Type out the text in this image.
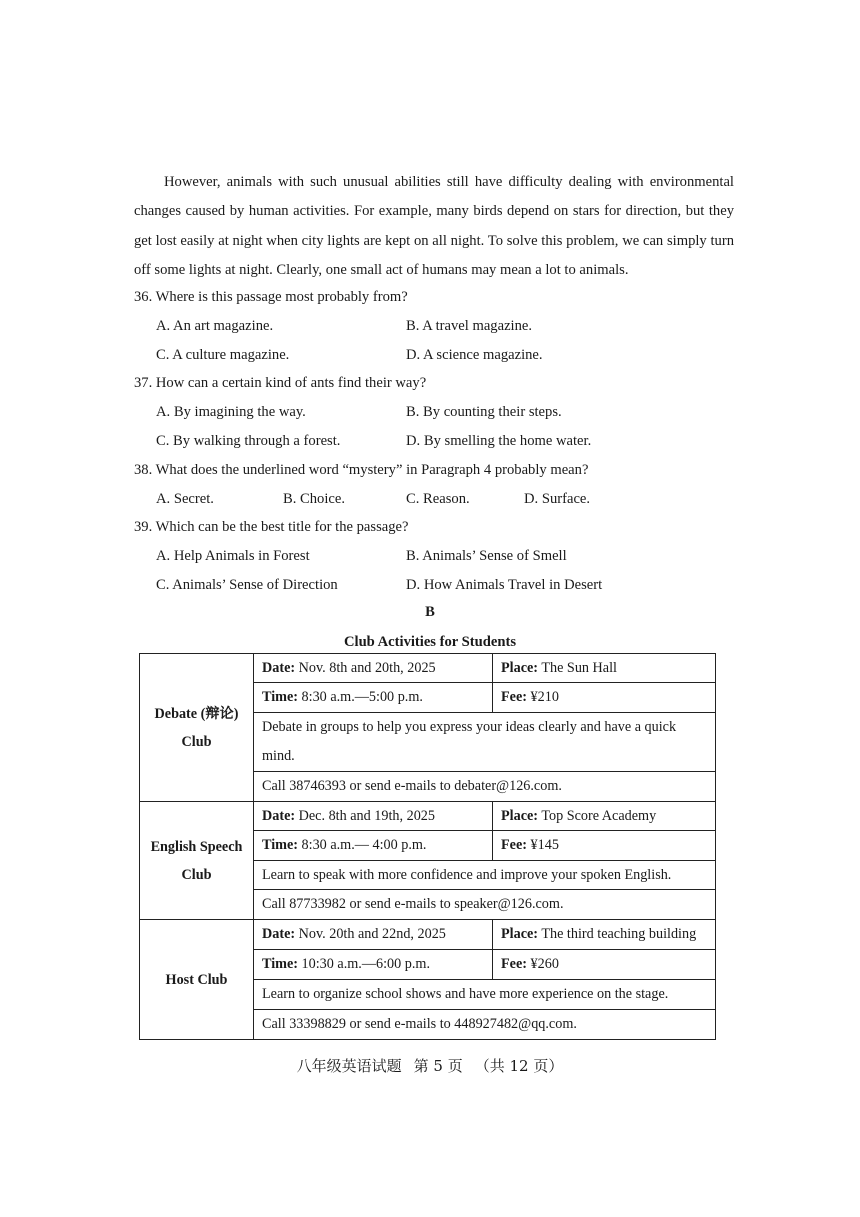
However, animals with such unusual abilities still have difficulty dealing with environmental changes caused by human activities. For example, many birds depend on stars for direction, but they get lost easily at night when city lights are kept on all night. To solve this problem, we can simply turn off some lights at night. Clearly, one small act of humans may mean a lot to animals.
36. Where is this passage most probably from?
A. An art magazine.	B. A travel magazine.
C. A culture magazine.	D. A science magazine.
37. How can a certain kind of ants find their way?
A. By imagining the way.	B. By counting their steps.
C. By walking through a forest.	D. By smelling the home water.
38. What does the underlined word “mystery” in Paragraph 4 probably mean?
A. Secret.	B. Choice.	C. Reason.	D. Surface.
39. Which can be the best title for the passage?
A. Help Animals in Forest	B. Animals’ Sense of Smell
C. Animals’ Sense of Direction	D. How Animals Travel in Desert
B
Club Activities for Students
Debate (辩论)
Club	Date: Nov. 8th and 20th, 2025	Place: The Sun Hall
	Time: 8:30 a.m.—5:00 p.m.	Fee: ¥210
	Debate in groups to help you express your ideas clearly and have a quick mind.	
	Call 38746393 or send e-mails to debater@126.com.	

English Speech
Club	Date: Dec. 8th and 19th, 2025	Place: Top Score Academy
	Time: 8:30 a.m.— 4:00 p.m.	Fee: ¥145
	Learn to speak with more confidence and improve your spoken English.	
	Call 87733982 or send e-mails to speaker@126.com.	

Host Club	Date: Nov. 20th and 22nd, 2025	Place: The third teaching building
	Time: 10:30 a.m.—6:00 p.m.	Fee: ¥260
	Learn to organize school shows and have more experience on the stage.	
	Call 33398829 or send e-mails to 448927482@qq.com.	
八年级英语试题 第 5 页 （共 12 页）
